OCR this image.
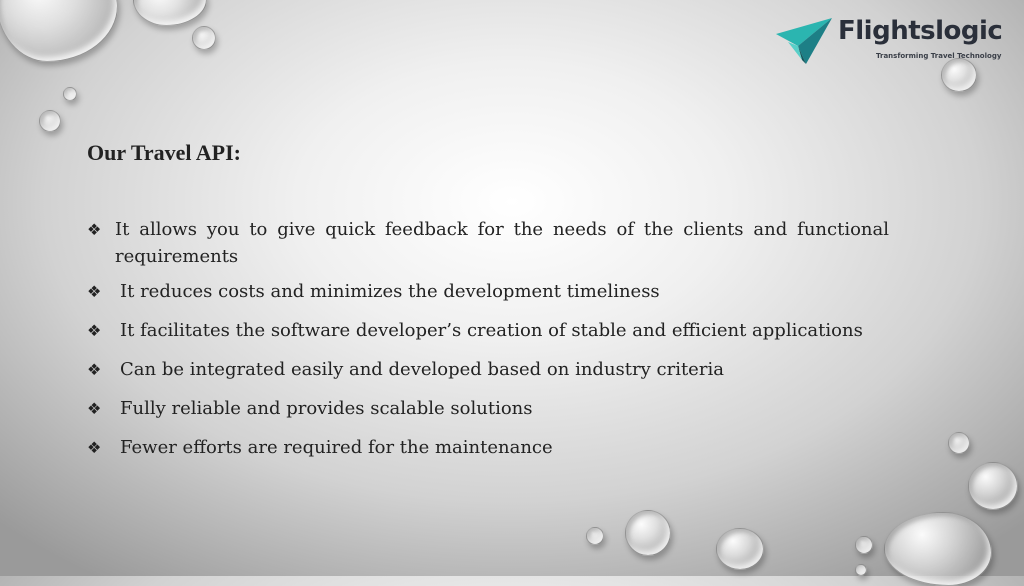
Flightslogic
Transforming Travel Technology
Our Travel API:
❖ It allows you to give quick feedback for the needs of the clients and functional requirements
❖ It reduces costs and minimizes the development timeliness
❖ It facilitates the software developer’s creation of stable and efficient applications
❖ Can be integrated easily and developed based on industry criteria
❖ Fully reliable and provides scalable solutions
❖ Fewer efforts are required for the maintenance
